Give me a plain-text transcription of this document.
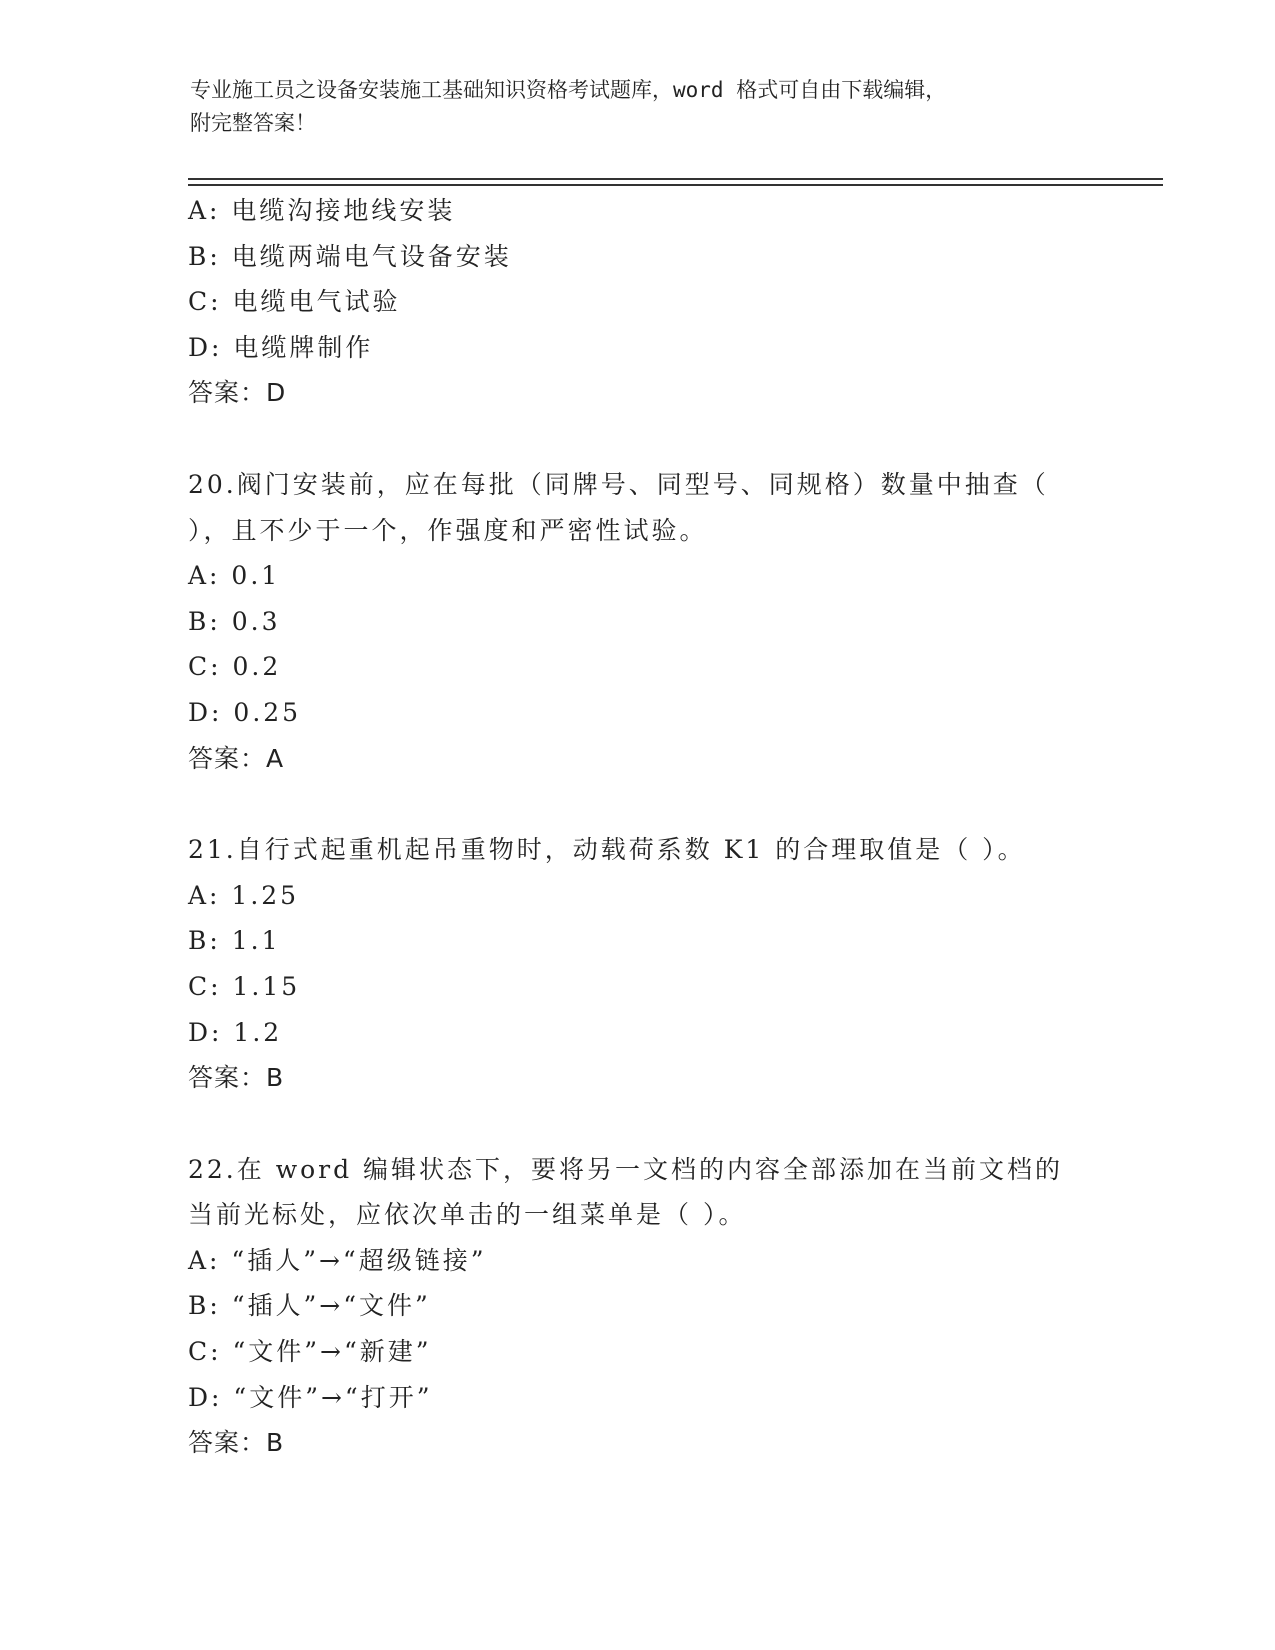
专业施工员之设备安装施工基础知识资格考试题库，word 格式可自由下载编辑，
附完整答案！
A: 电缆沟接地线安装
B: 电缆两端电气设备安装
C: 电缆电气试验
D: 电缆牌制作
答案：D
20.阀门安装前，应在每批（同牌号、同型号、同规格）数量中抽查（
），且不少于一个，作强度和严密性试验。
A: 0.1
B: 0.3
C: 0.2
D: 0.25
答案：A
21.自行式起重机起吊重物时，动载荷系数 K1 的合理取值是（ ）。
A: 1.25
B: 1.1
C: 1.15
D: 1.2
答案：B
22.在 word 编辑状态下，要将另一文档的内容全部添加在当前文档的
当前光标处，应依次单击的一组菜单是（ ）。
A: “插人”→“超级链接”
B: “插人”→“文件”
C: “文件”→“新建”
D: “文件”→“打开”
答案：B
